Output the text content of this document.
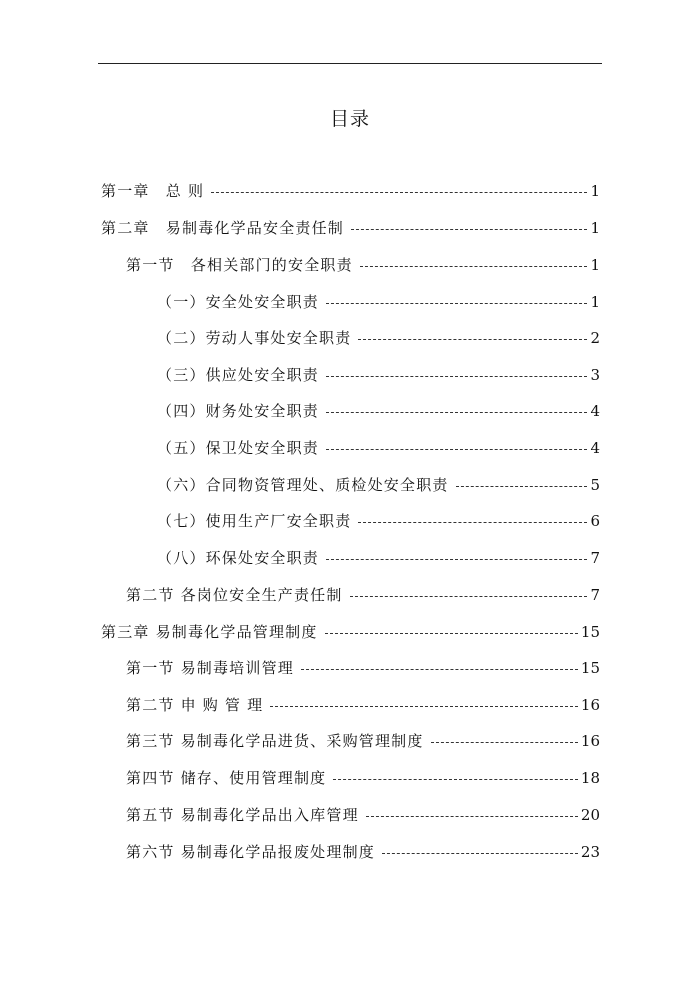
目录
第一章　总 则	1
第二章　易制毒化学品安全责任制	1
第一节　各相关部门的安全职责	1
（一）安全处安全职责	1
（二）劳动人事处安全职责	2
（三）供应处安全职责	3
（四）财务处安全职责	4
（五）保卫处安全职责	4
（六）合同物资管理处、质检处安全职责	5
（七）使用生产厂安全职责	6
（八）环保处安全职责	7
第二节 各岗位安全生产责任制	7
第三章 易制毒化学品管理制度	15
第一节 易制毒培训管理	15
第二节 申 购 管 理	16
第三节 易制毒化学品进货、采购管理制度	16
第四节 储存、使用管理制度	18
第五节 易制毒化学品出入库管理	20
第六节 易制毒化学品报废处理制度	23
